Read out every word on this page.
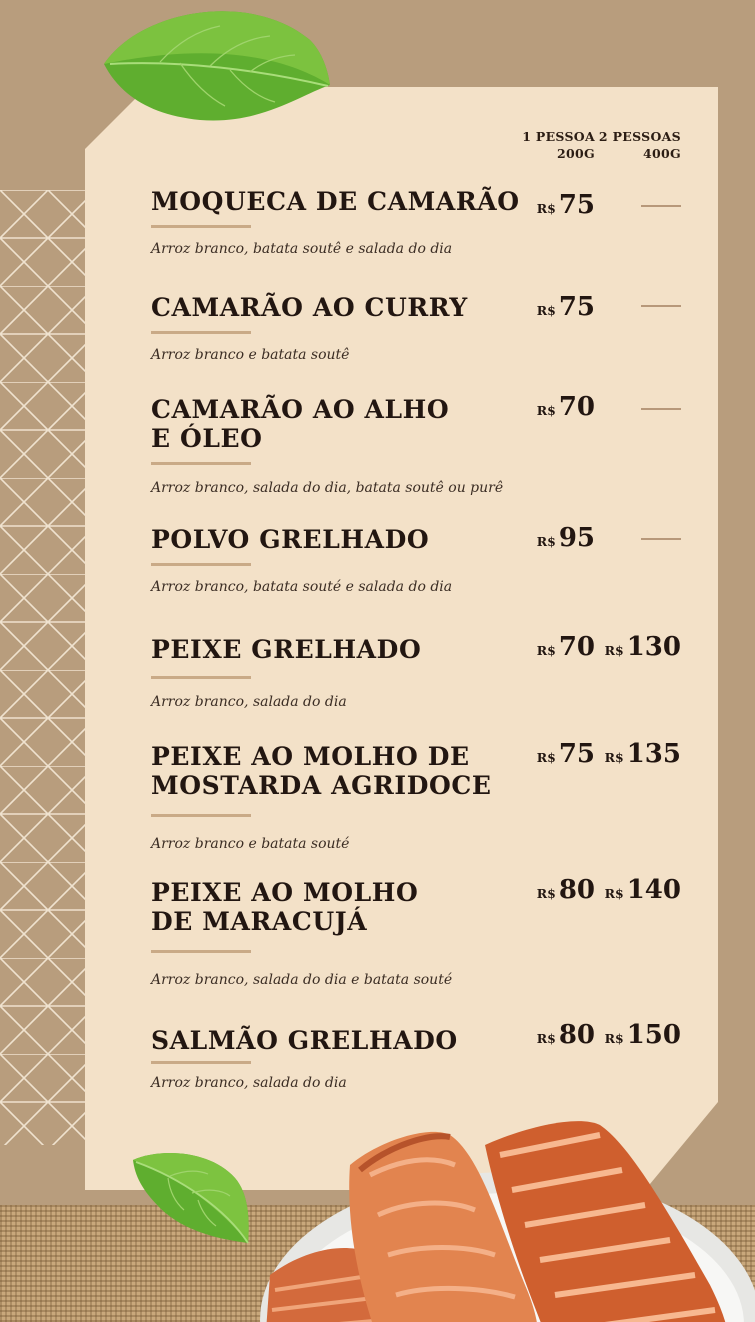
1 PESSOA
200G
2 PESSOAS
400G
MOQUECA DE CAMARÃO
Arroz branco, batata soutê e salada do dia
R$ 75
CAMARÃO AO CURRY
Arroz branco e batata soutê
R$ 75
CAMARÃO AO ALHO
E ÓLEO
Arroz branco, salada do dia, batata soutê ou purê
R$ 70
POLVO GRELHADO
Arroz branco, batata souté e salada do dia
R$ 95
PEIXE GRELHADO
Arroz branco, salada do dia
R$ 70 R$ 130
PEIXE AO MOLHO DE
MOSTARDA AGRIDOCE
Arroz branco e batata souté
R$ 75 R$ 135
PEIXE AO MOLHO
DE MARACUJÁ
Arroz branco, salada do dia e batata souté
R$ 80 R$ 140
SALMÃO GRELHADO
Arroz branco, salada do dia
R$ 80 R$ 150
